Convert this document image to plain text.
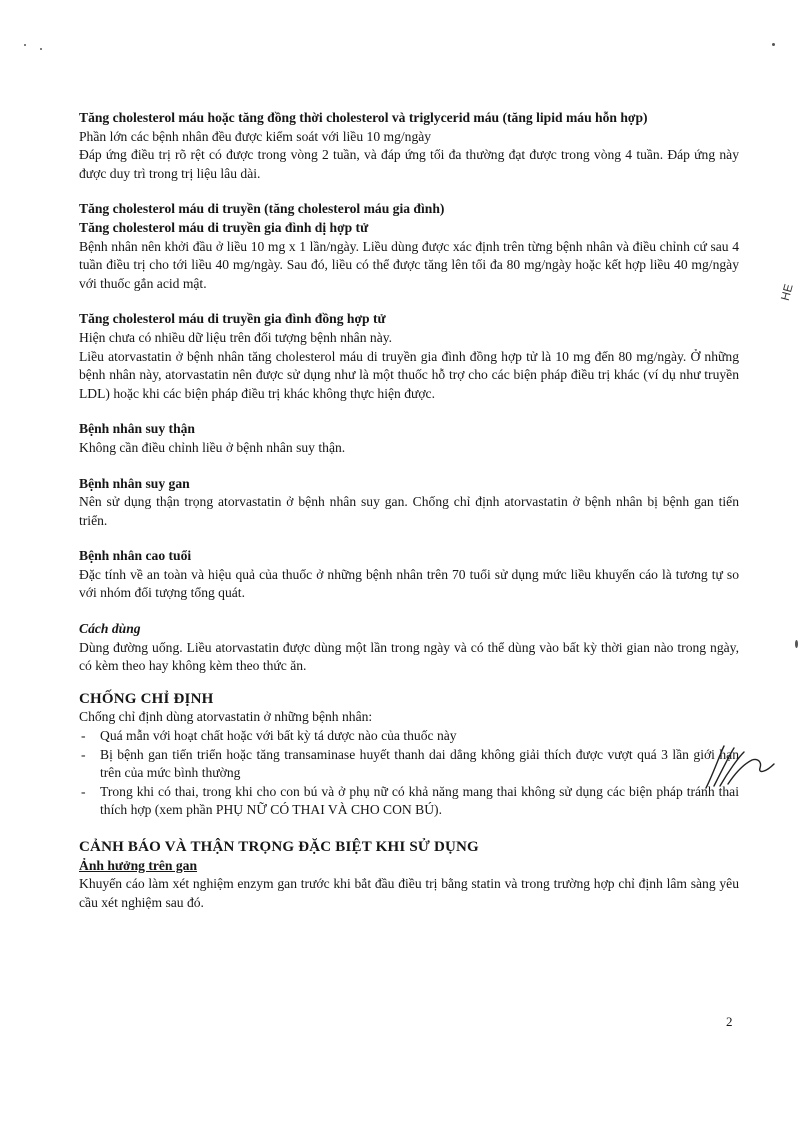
HE
Tăng cholesterol máu hoặc tăng đồng thời cholesterol và triglycerid máu (tăng lipid máu hỗn hợp)

Phần lớn các bệnh nhân đều được kiểm soát với liều 10 mg/ngày

Đáp ứng điều trị rõ rệt có được trong vòng 2 tuần, và đáp ứng tối đa thường đạt được trong vòng 4 tuần. Đáp ứng này được duy trì trong trị liệu lâu dài.

Tăng cholesterol máu di truyền (tăng cholesterol máu gia đình)
Tăng cholesterol máu di truyền gia đình dị hợp tử

Bệnh nhân nên khởi đầu ở liều 10 mg x 1 lần/ngày. Liều dùng được xác định trên từng bệnh nhân và điều chỉnh cứ sau 4 tuần điều trị cho tới liều 40 mg/ngày. Sau đó, liều có thể được tăng lên tối đa 80 mg/ngày hoặc kết hợp liều 40 mg/ngày với thuốc gắn acid mật.

Tăng cholesterol máu di truyền gia đình đồng hợp tử

Hiện chưa có nhiều dữ liệu trên đối tượng bệnh nhân này.

Liều atorvastatin ở bệnh nhân tăng cholesterol máu di truyền gia đình đồng hợp tử là 10 mg đến 80 mg/ngày. Ở những bệnh nhân này, atorvastatin nên được sử dụng như là một thuốc hỗ trợ cho các biện pháp điều trị khác (ví dụ như truyền LDL) hoặc khi các biện pháp điều trị khác không thực hiện được.

Bệnh nhân suy thận

Không cần điều chỉnh liều ở bệnh nhân suy thận.

Bệnh nhân suy gan

Nên sử dụng thận trọng atorvastatin ở bệnh nhân suy gan. Chống chỉ định atorvastatin ở bệnh nhân bị bệnh gan tiến triển.

Bệnh nhân cao tuổi

Đặc tính về an toàn và hiệu quả của thuốc ở những bệnh nhân trên 70 tuổi sử dụng mức liều khuyến cáo là tương tự so với nhóm đối tượng tổng quát.

Cách dùng

Dùng đường uống. Liều atorvastatin được dùng một lần trong ngày và có thể dùng vào bất kỳ thời gian nào trong ngày, có kèm theo hay không kèm theo thức ăn.

CHỐNG CHỈ ĐỊNH

Chống chỉ định dùng atorvastatin ở những bệnh nhân:

- Quá mẫn với hoạt chất hoặc với bất kỳ tá dược nào của thuốc này
- Bị bệnh gan tiến triển hoặc tăng transaminase huyết thanh dai dẳng không giải thích được vượt quá 3 lần giới hạn trên của mức bình thường
- Trong khi có thai, trong khi cho con bú và ở phụ nữ có khả năng mang thai không sử dụng các biện pháp tránh thai thích hợp (xem phần PHỤ NỮ CÓ THAI VÀ CHO CON BÚ).
CẢNH BÁO VÀ THẬN TRỌNG ĐẶC BIỆT KHI SỬ DỤNG
Ảnh hưởng trên gan

Khuyến cáo làm xét nghiệm enzym gan trước khi bắt đầu điều trị bằng statin và trong trường hợp chỉ định lâm sàng yêu cầu xét nghiệm sau đó.

2
